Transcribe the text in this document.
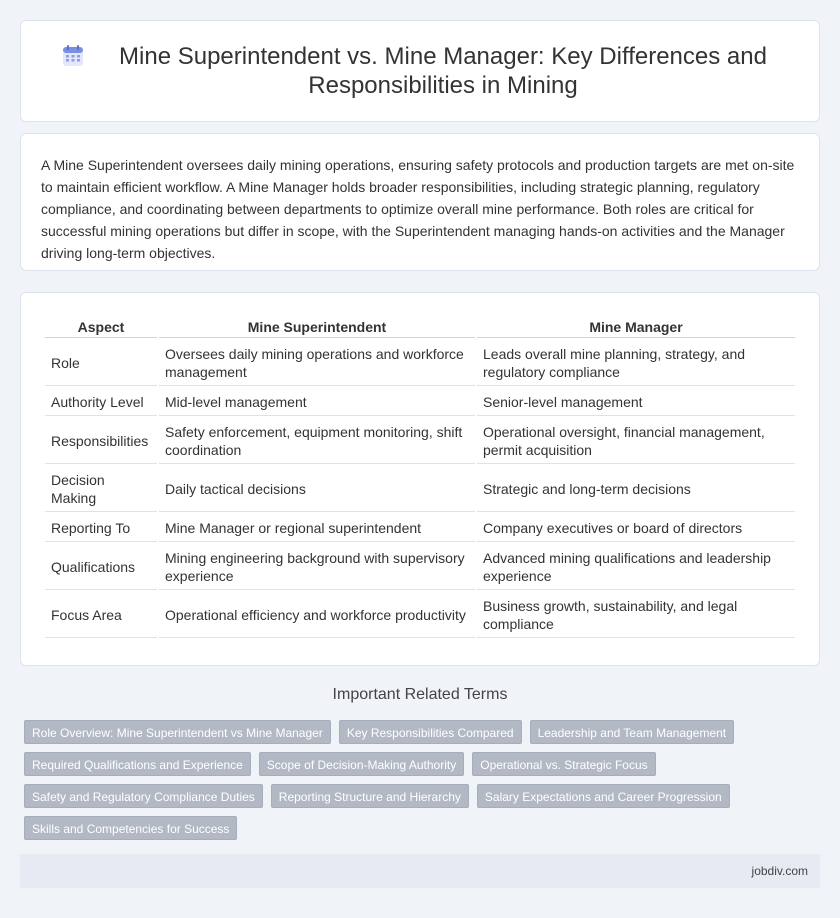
Mine Superintendent vs. Mine Manager: Key Differences and Responsibilities in Mining

A Mine Superintendent oversees daily mining operations, ensuring safety protocols and production targets are met on-site to maintain efficient workflow. A Mine Manager holds broader responsibilities, including strategic planning, regulatory compliance, and coordinating between departments to optimize overall mine performance. Both roles are critical for successful mining operations but differ in scope, with the Superintendent managing hands-on activities and the Manager driving long-term objectives.

Aspect	Mine Superintendent	Mine Manager
Role	Oversees daily mining operations and workforce management	Leads overall mine planning, strategy, and regulatory compliance
Authority Level	Mid-level management	Senior-level management
Responsibilities	Safety enforcement, equipment monitoring, shift coordination	Operational oversight, financial management, permit acquisition
Decision Making	Daily tactical decisions	Strategic and long-term decisions
Reporting To	Mine Manager or regional superintendent	Company executives or board of directors
Qualifications	Mining engineering background with supervisory experience	Advanced mining qualifications and leadership experience
Focus Area	Operational efficiency and workforce productivity	Business growth, sustainability, and legal compliance
Important Related Terms
Role Overview: Mine Superintendent vs Mine Manager	Key Responsibilities Compared	Leadership and Team Management
Required Qualifications and Experience	Scope of Decision-Making Authority	Operational vs. Strategic Focus
Safety and Regulatory Compliance Duties	Reporting Structure and Hierarchy	Salary Expectations and Career Progression
Skills and Competencies for Success
jobdiv.com
